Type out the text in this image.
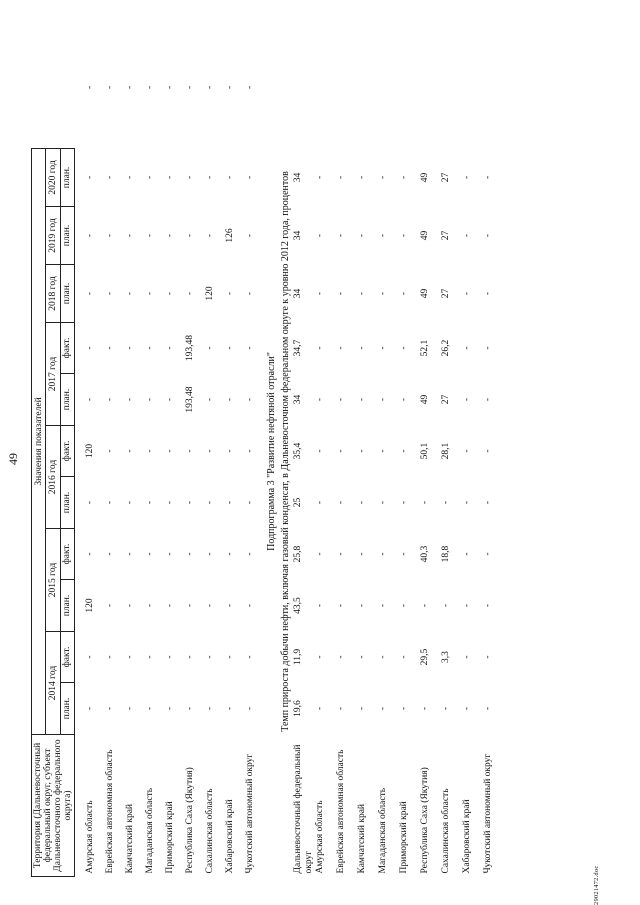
49
Территория (Дальневосточный федеральный округ, субъект Дальневосточного федерального округа)	Значения показателей											
	2014 год		2015 год		2016 год		2017 год		2018 год	2019 год	2020 год	
	план.	факт.	план.	факт.	план.	факт.	план.	факт.	план.	план.	план.	

Амурская область	-	-	120	-	-	120	-	-	-	-	-	-
Еврейская автономная область	-	-	-	-	-	-	-	-	-	-	-	-
Камчатский край	-	-	-	-	-	-	-	-	-	-	-	-
Магаданская область	-	-	-	-	-	-	-	-	-	-	-	-
Приморский край	-	-	-	-	-	-	-	-	-	-	-	-
Республика Саха (Якутия)	-	-	-	-	-	-	193,48	193,48	-	-	-	-
Сахалинская область	-	-	-	-	-	-	-	-	120	-	-	-
Хабаровский край	-	-	-	-	-	-	-	-	-	126	-	-
Чукотский автономный округ	-	-	-	-	-	-	-	-	-	-	-	-
Подпрограмма 3 "Развитие нефтяной отрасли"												
Темп прироста добычи нефти, включая газовый конденсат, в Дальневосточном федеральном округе к уровню 2012 года, процентов												
Дальневосточный федеральный округ	19,6	11,9	43,5	25,8	25	35,4	34	34,7	34	34	34	
Амурская область	-	-	-	-	-	-	-	-	-	-	-	
Еврейская автономная область	-	-	-	-	-	-	-	-	-	-	-	
Камчатский край	-	-	-	-	-	-	-	-	-	-	-	
Магаданская область	-	-	-	-	-	-	-	-	-	-	-	
Приморский край	-	-	-	-	-	-	-	-	-	-	-	
Республика Саха (Якутия)	-	29,5	-	40,3	-	50,1	49	52,1	49	49	49	
Сахалинская область	-	3,3	-	18,8	-	28,1	27	26,2	27	27	27	
Хабаровский край	-	-	-	-	-	-	-	-	-	-	-	
Чукотский автономный округ	-	-	-	-	-	-	-	-	-	-	-	
29021472.doc
